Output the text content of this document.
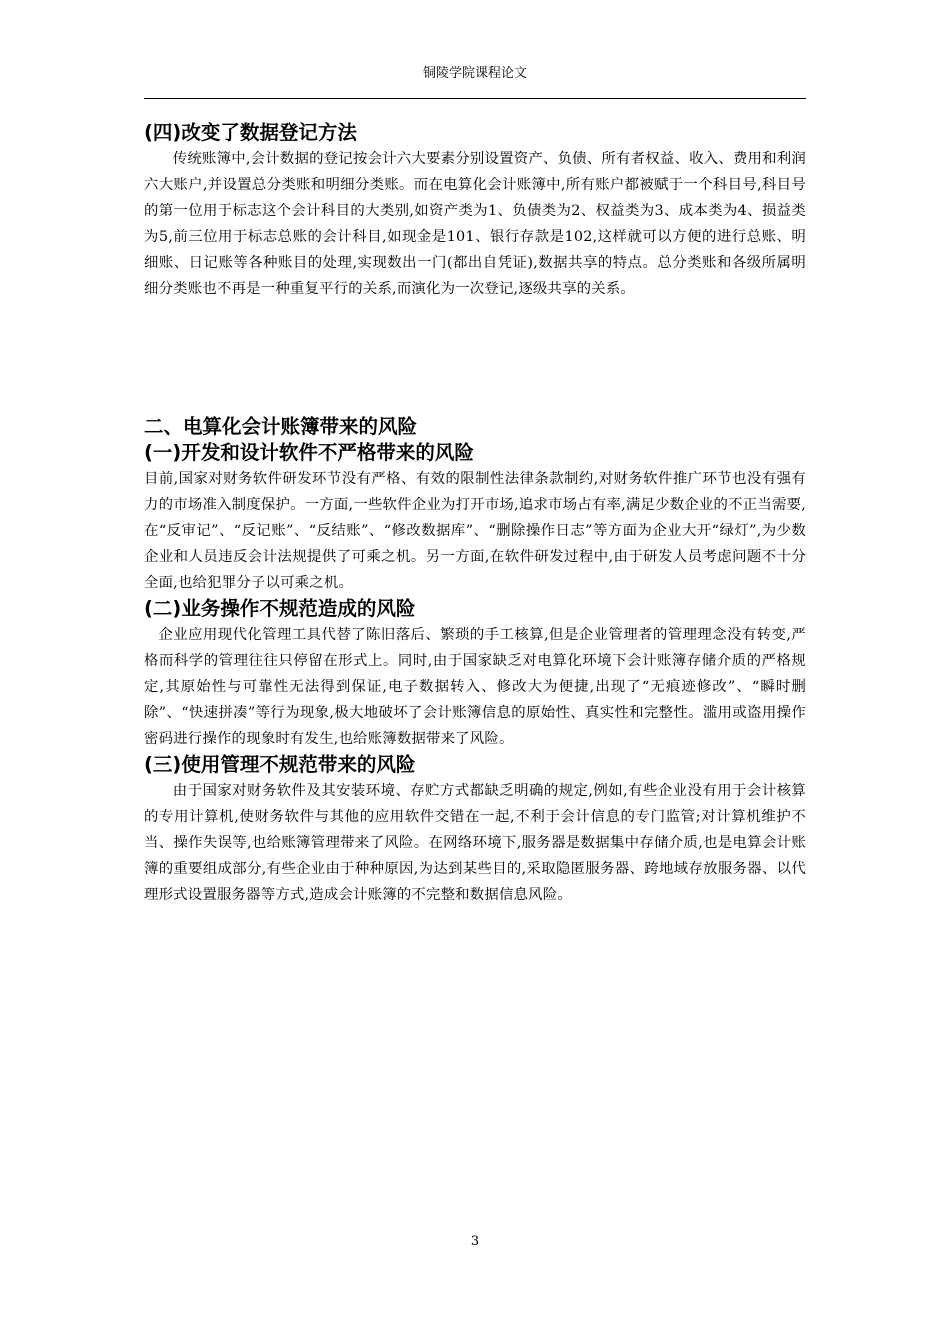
铜陵学院课程论文
(四)改变了数据登记方法

传统账簿中,会计数据的登记按会计六大要素分别设置资产、负债、所有者权益、收入、费用和利润六大账户,并设置总分类账和明细分类账。而在电算化会计账簿中,所有账户都被赋于一个科目号,科目号的第一位用于标志这个会计科目的大类别,如资产类为1、负债类为2、权益类为3、成本类为4、损益类为5,前三位用于标志总账的会计科目,如现金是101、银行存款是102,这样就可以方便的进行总账、明细账、日记账等各种账目的处理,实现数出一门(都出自凭证),数据共享的特点。总分类账和各级所属明细分类账也不再是一种重复平行的关系,而演化为一次登记,逐级共享的关系。

二、电算化会计账簿带来的风险
(一)开发和设计软件不严格带来的风险

目前,国家对财务软件研发环节没有严格、有效的限制性法律条款制约,对财务软件推广环节也没有强有力的市场准入制度保护。一方面,一些软件企业为打开市场,追求市场占有率,满足少数企业的不正当需要,在“反审记”、“反记账”、“反结账”、“修改数据库”、“删除操作日志”等方面为企业大开“绿灯”,为少数企业和人员违反会计法规提供了可乘之机。另一方面,在软件研发过程中,由于研发人员考虑问题不十分全面,也给犯罪分子以可乘之机。

(二)业务操作不规范造成的风险

企业应用现代化管理工具代替了陈旧落后、繁琐的手工核算,但是企业管理者的管理理念没有转变,严格而科学的管理往往只停留在形式上。同时,由于国家缺乏对电算化环境下会计账簿存储介质的严格规定,其原始性与可靠性无法得到保证,电子数据转入、修改大为便捷,出现了“无痕迹修改”、“瞬时删除”、“快速拼凑”等行为现象,极大地破坏了会计账簿信息的原始性、真实性和完整性。滥用或盗用操作密码进行操作的现象时有发生,也给账簿数据带来了风险。

(三)使用管理不规范带来的风险

由于国家对财务软件及其安装环境、存贮方式都缺乏明确的规定,例如,有些企业没有用于会计核算的专用计算机,使财务软件与其他的应用软件交错在一起,不利于会计信息的专门监管;对计算机维护不当、操作失误等,也给账簿管理带来了风险。在网络环境下,服务器是数据集中存储介质,也是电算会计账簿的重要组成部分,有些企业由于种种原因,为达到某些目的,采取隐匿服务器、跨地域存放服务器、以代理形式设置服务器等方式,造成会计账簿的不完整和数据信息风险。

3
